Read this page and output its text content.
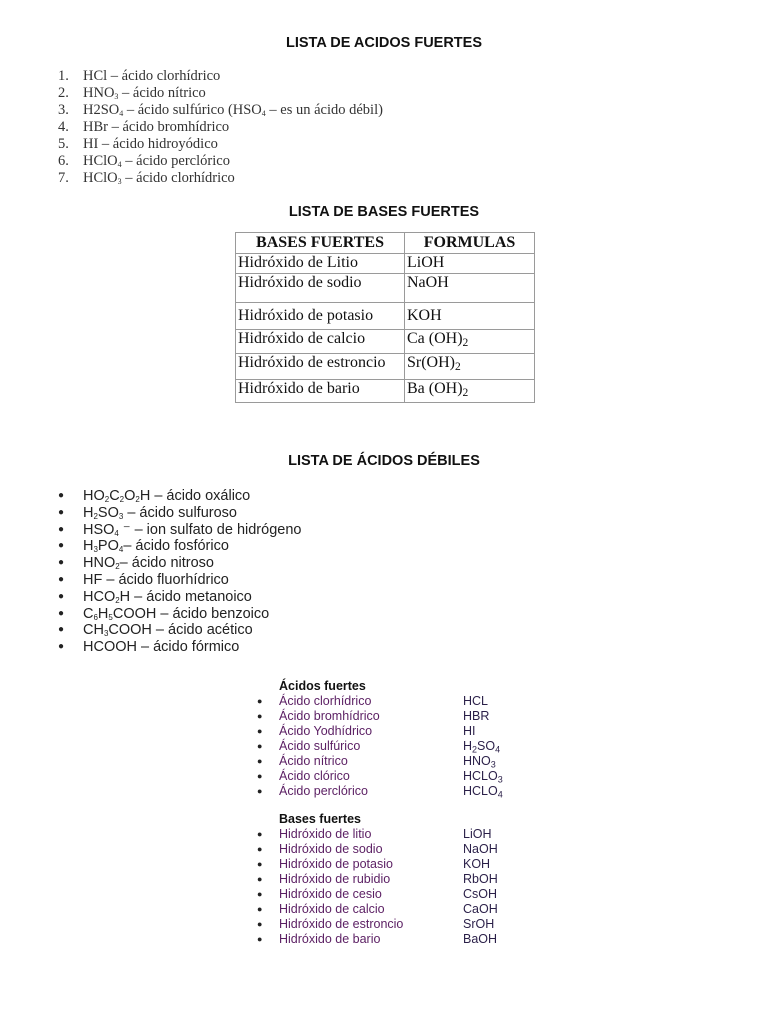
LISTA DE ACIDOS FUERTES
1. HCl – ácido clorhídrico
2. $HNO_3$ – ácido nítrico
3. $H2SO_4$ – ácido sulfúrico ($HSO_4$ – es un ácido débil)
4. HBr – ácido bromhídrico
5. HI – ácido hidroyódico
6. HClO$_4$ – ácido perclórico
7. HClO$_3$ – ácido clorhídrico
LISTA DE BASES FUERTES
BASES FUERTES	FORMULAS
Hidróxido de Litio	LiOH
Hidróxido de sodio	NaOH
Hidróxido de potasio	KOH
Hidróxido de calcio	Ca $(OH)_2$
Hidróxido de estroncio	$Sr(OH)_2$
Hidróxido de bario	Ba $(OH)_2$
LISTA DE ÁCIDOS DÉBILES
● $HO_2C_2O_2H$ – ácido oxálico
● $H_2SO_3$ – ácido sulfuroso
● $HSO_4$ ⁻ – ion sulfato de hidrógeno
● $H_3PO_4-$ ácido fosfórico
● $HNO_2-$ ácido nitroso
● HF – ácido fluorhídrico
● $HCO_2H$ – ácido metanoico
● $C_6H_5COOH$ – ácido benzoico
● $CH_3COOH$ – ácido acético
● HCOOH – ácido fórmico
Ácidos fuertes
● Ácido clorhídrico	HCL
● Ácido bromhídrico	HBR
● Ácido Yodhídrico	HI
● Ácido sulfúrico	$H_2SO_4$
● Ácido nítrico	$HNO_3$
● Ácido clórico	$HCLO_3$
● Ácido perclórico	$HCLO_4$
Bases fuertes
● Hidróxido de litio	LiOH
● Hidróxido de sodio	NaOH
● Hidróxido de potasio	KOH
● Hidróxido de rubidio	RbOH
● Hidróxido de cesio	CsOH
● Hidróxido de calcio	CaOH
● Hidróxido de estroncio	SrOH
● Hidróxido de bario	BaOH
